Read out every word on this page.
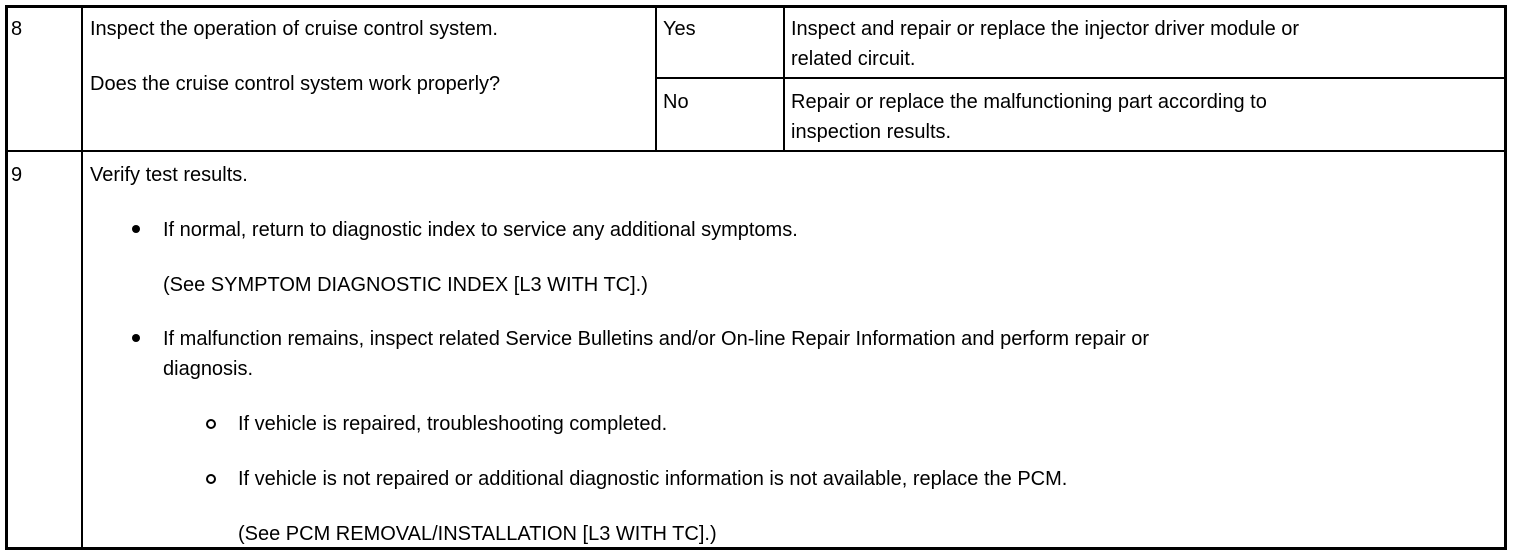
8	Inspect the operation of cruise control system.
Does the cruise control system work properly?
Yes	Inspect and repair or replace the injector driver module or
related circuit.
No	Repair or replace the malfunctioning part according to
inspection results.
9	Verify test results.
If normal, return to diagnostic index to service any additional symptoms.
(See SYMPTOM DIAGNOSTIC INDEX [L3 WITH TC].)
If malfunction remains, inspect related Service Bulletins and/or On-line Repair Information and perform repair or
diagnosis.
If vehicle is repaired, troubleshooting completed.
If vehicle is not repaired or additional diagnostic information is not available, replace the PCM.
(See PCM REMOVAL/INSTALLATION [L3 WITH TC].)
